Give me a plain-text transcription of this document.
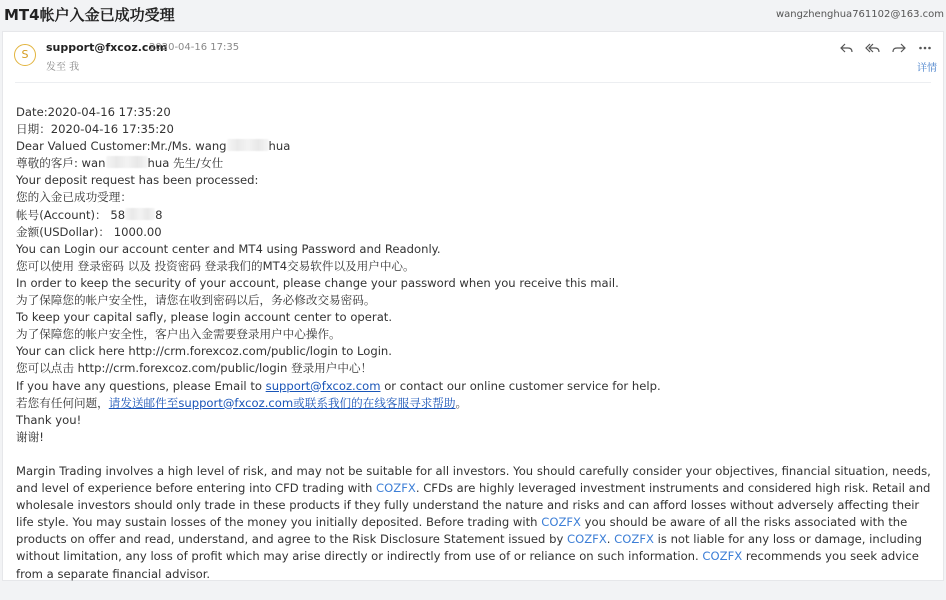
MT4帐户入金已成功受理	wangzhenghua761102@163.com
S
support@fxcoz.com
2020-04-16 17:35
发至 我	详情
Date:2020-04-16 17:35:20
日期：2020-04-16 17:35:20
Dear Valued Customer:Mr./Ms. wang	hua
尊敬的客戶: wan	hua 先生/女仕
Your deposit request has been processed:
您的入金已成功受理：
帐号(Account)： 58	8
金额(USDollar)： 1000.00
You can Login our account center and MT4 using Password and Readonly.
您可以使用 登录密码 以及 投资密码 登录我们的MT4交易软件以及用户中心。
In order to keep the security of your account, please change your password when you receive this mail.
为了保障您的帐户安全性，请您在收到密码以后，务必修改交易密码。
To keep your capital safly, please login account center to operat.
为了保障您的帐户安全性，客户出入金需要登录用户中心操作。
Your can click here http://crm.forexcoz.com/public/login to Login.
您可以点击 http://crm.forexcoz.com/public/login 登录用户中心！
If you have any questions, please Email to support@fxcoz.com or contact our online customer service for help.
若您有任何问题，请发送邮件至support@fxcoz.com或联系我们的在线客服寻求帮助。
Thank you!
谢谢!
Margin Trading involves a high level of risk, and may not be suitable for all investors. You should carefully consider your objectives, financial situation, needs, and level of experience before entering into CFD trading with COZFX. CFDs are highly leveraged investment instruments and considered high risk. Retail and wholesale investors should only trade in these products if they fully understand the nature and risks and can afford losses without adversely affecting their life style. You may sustain losses of the money you initially deposited. Before trading with COZFX you should be aware of all the risks associated with the products on offer and read, understand, and agree to the Risk Disclosure Statement issued by COZFX. COZFX is not liable for any loss or damage, including without limitation, any loss of profit which may arise directly or indirectly from use of or reliance on such information. COZFX recommends you seek advice from a separate financial advisor.
